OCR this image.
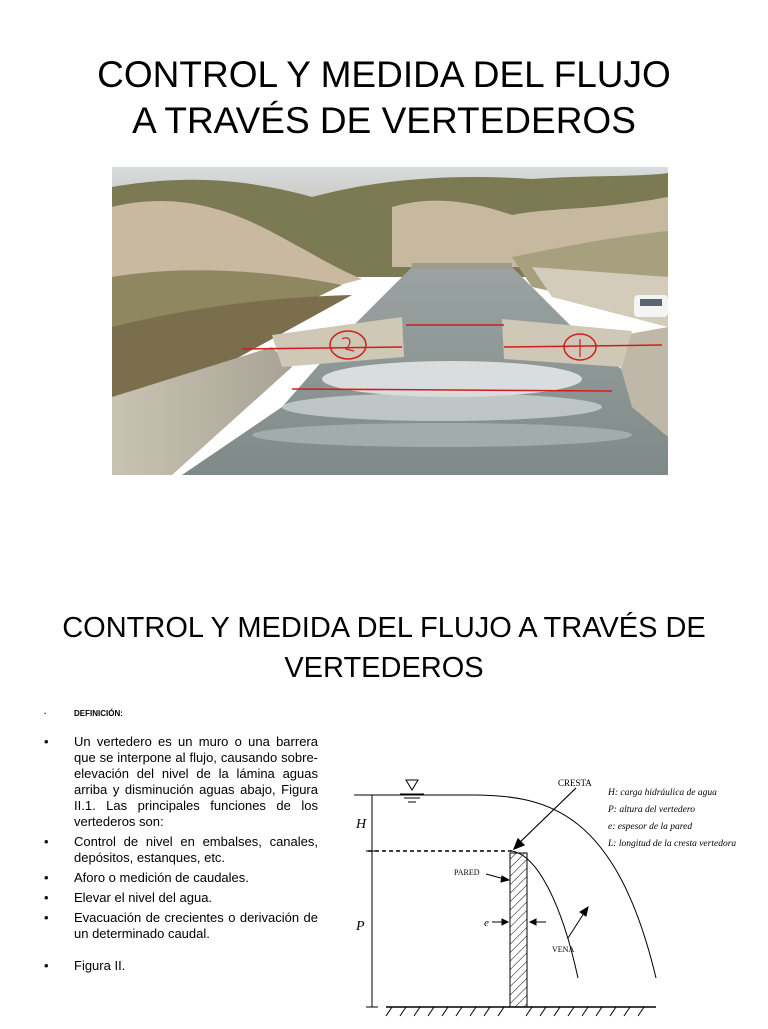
CONTROL Y MEDIDA DEL FLUJO
A TRAVÉS DE VERTEDEROS
CONTROL Y MEDIDA DEL FLUJO A TRAVÉS DE
VERTEDEROS
·	DEFINICIÓN:
• Un vertedero es un muro o una barrera que se interpone al flujo, causando sobre-elevación del nivel de la lámina aguas arriba y disminución aguas abajo, Figura II.1. Las principales funciones de los vertederos son:
• Control de nivel en embalses, canales, depósitos, estanques, etc.
• Aforo o medición de caudales.
• Elevar el nivel del agua.
• Evacuación de crecientes o derivación de un determinado caudal.
• Figura II.
H
P	e
PARED
CRESTA
VENA
H: carga hidráulica de agua
P: altura del vertedero
e: espesor de la pared
L: longitud de la cresta vertedora
